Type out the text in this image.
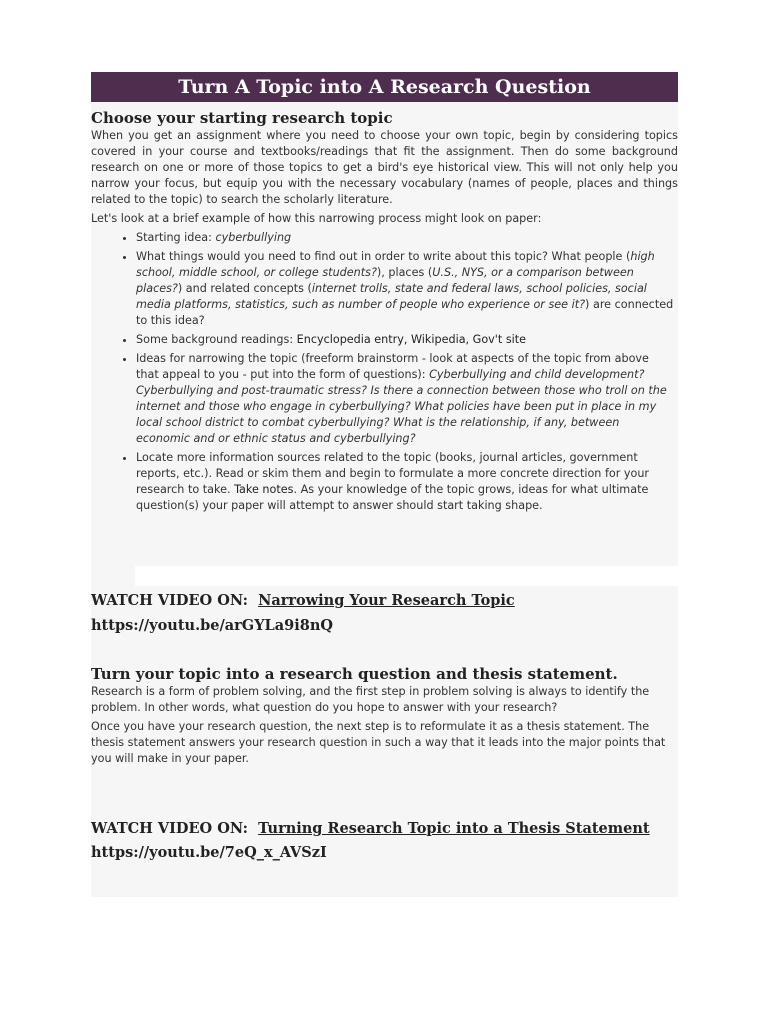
Turn A Topic into A Research Question
Choose your starting research topic

When you get an assignment where you need to choose your own topic, begin by considering topics covered in your course and textbooks/readings that fit the assignment. Then do some background research on one or more of those topics to get a bird's eye historical view. This will not only help you narrow your focus, but equip you with the necessary vocabulary (names of people, places and things related to the topic) to search the scholarly literature.

Let's look at a brief example of how this narrowing process might look on paper:

• Starting idea: cyberbullying
• What things would you need to find out in order to write about this topic? What people (high school, middle school, or college students?), places (U.S., NYS, or a comparison between places?) and related concepts (internet trolls, state and federal laws, school policies, social media platforms, statistics, such as number of people who experience or see it?) are connected to this idea?
• Some background readings: Encyclopedia entry, Wikipedia, Gov't site
• Ideas for narrowing the topic (freeform brainstorm - look at aspects of the topic from above that appeal to you - put into the form of questions): Cyberbullying and child development? Cyberbullying and post-traumatic stress? Is there a connection between those who troll on the internet and those who engage in cyberbullying? What policies have been put in place in my local school district to combat cyberbullying? What is the relationship, if any, between economic and or ethnic status and cyberbullying?
• Locate more information sources related to the topic (books, journal articles, government reports, etc.). Read or skim them and begin to formulate a more concrete direction for your research to take. Take notes. As your knowledge of the topic grows, ideas for what ultimate question(s) your paper will attempt to answer should start taking shape.

WATCH VIDEO ON: Narrowing Your Research Topic

https://youtu.be/arGYLa9i8nQ

Turn your topic into a research question and thesis statement.

Research is a form of problem solving, and the first step in problem solving is always to identify the problem. In other words, what question do you hope to answer with your research?

Once you have your research question, the next step is to reformulate it as a thesis statement. The thesis statement answers your research question in such a way that it leads into the major points that you will make in your paper.

WATCH VIDEO ON: Turning Research Topic into a Thesis Statement

https://youtu.be/7eQ_x_AVSzI
